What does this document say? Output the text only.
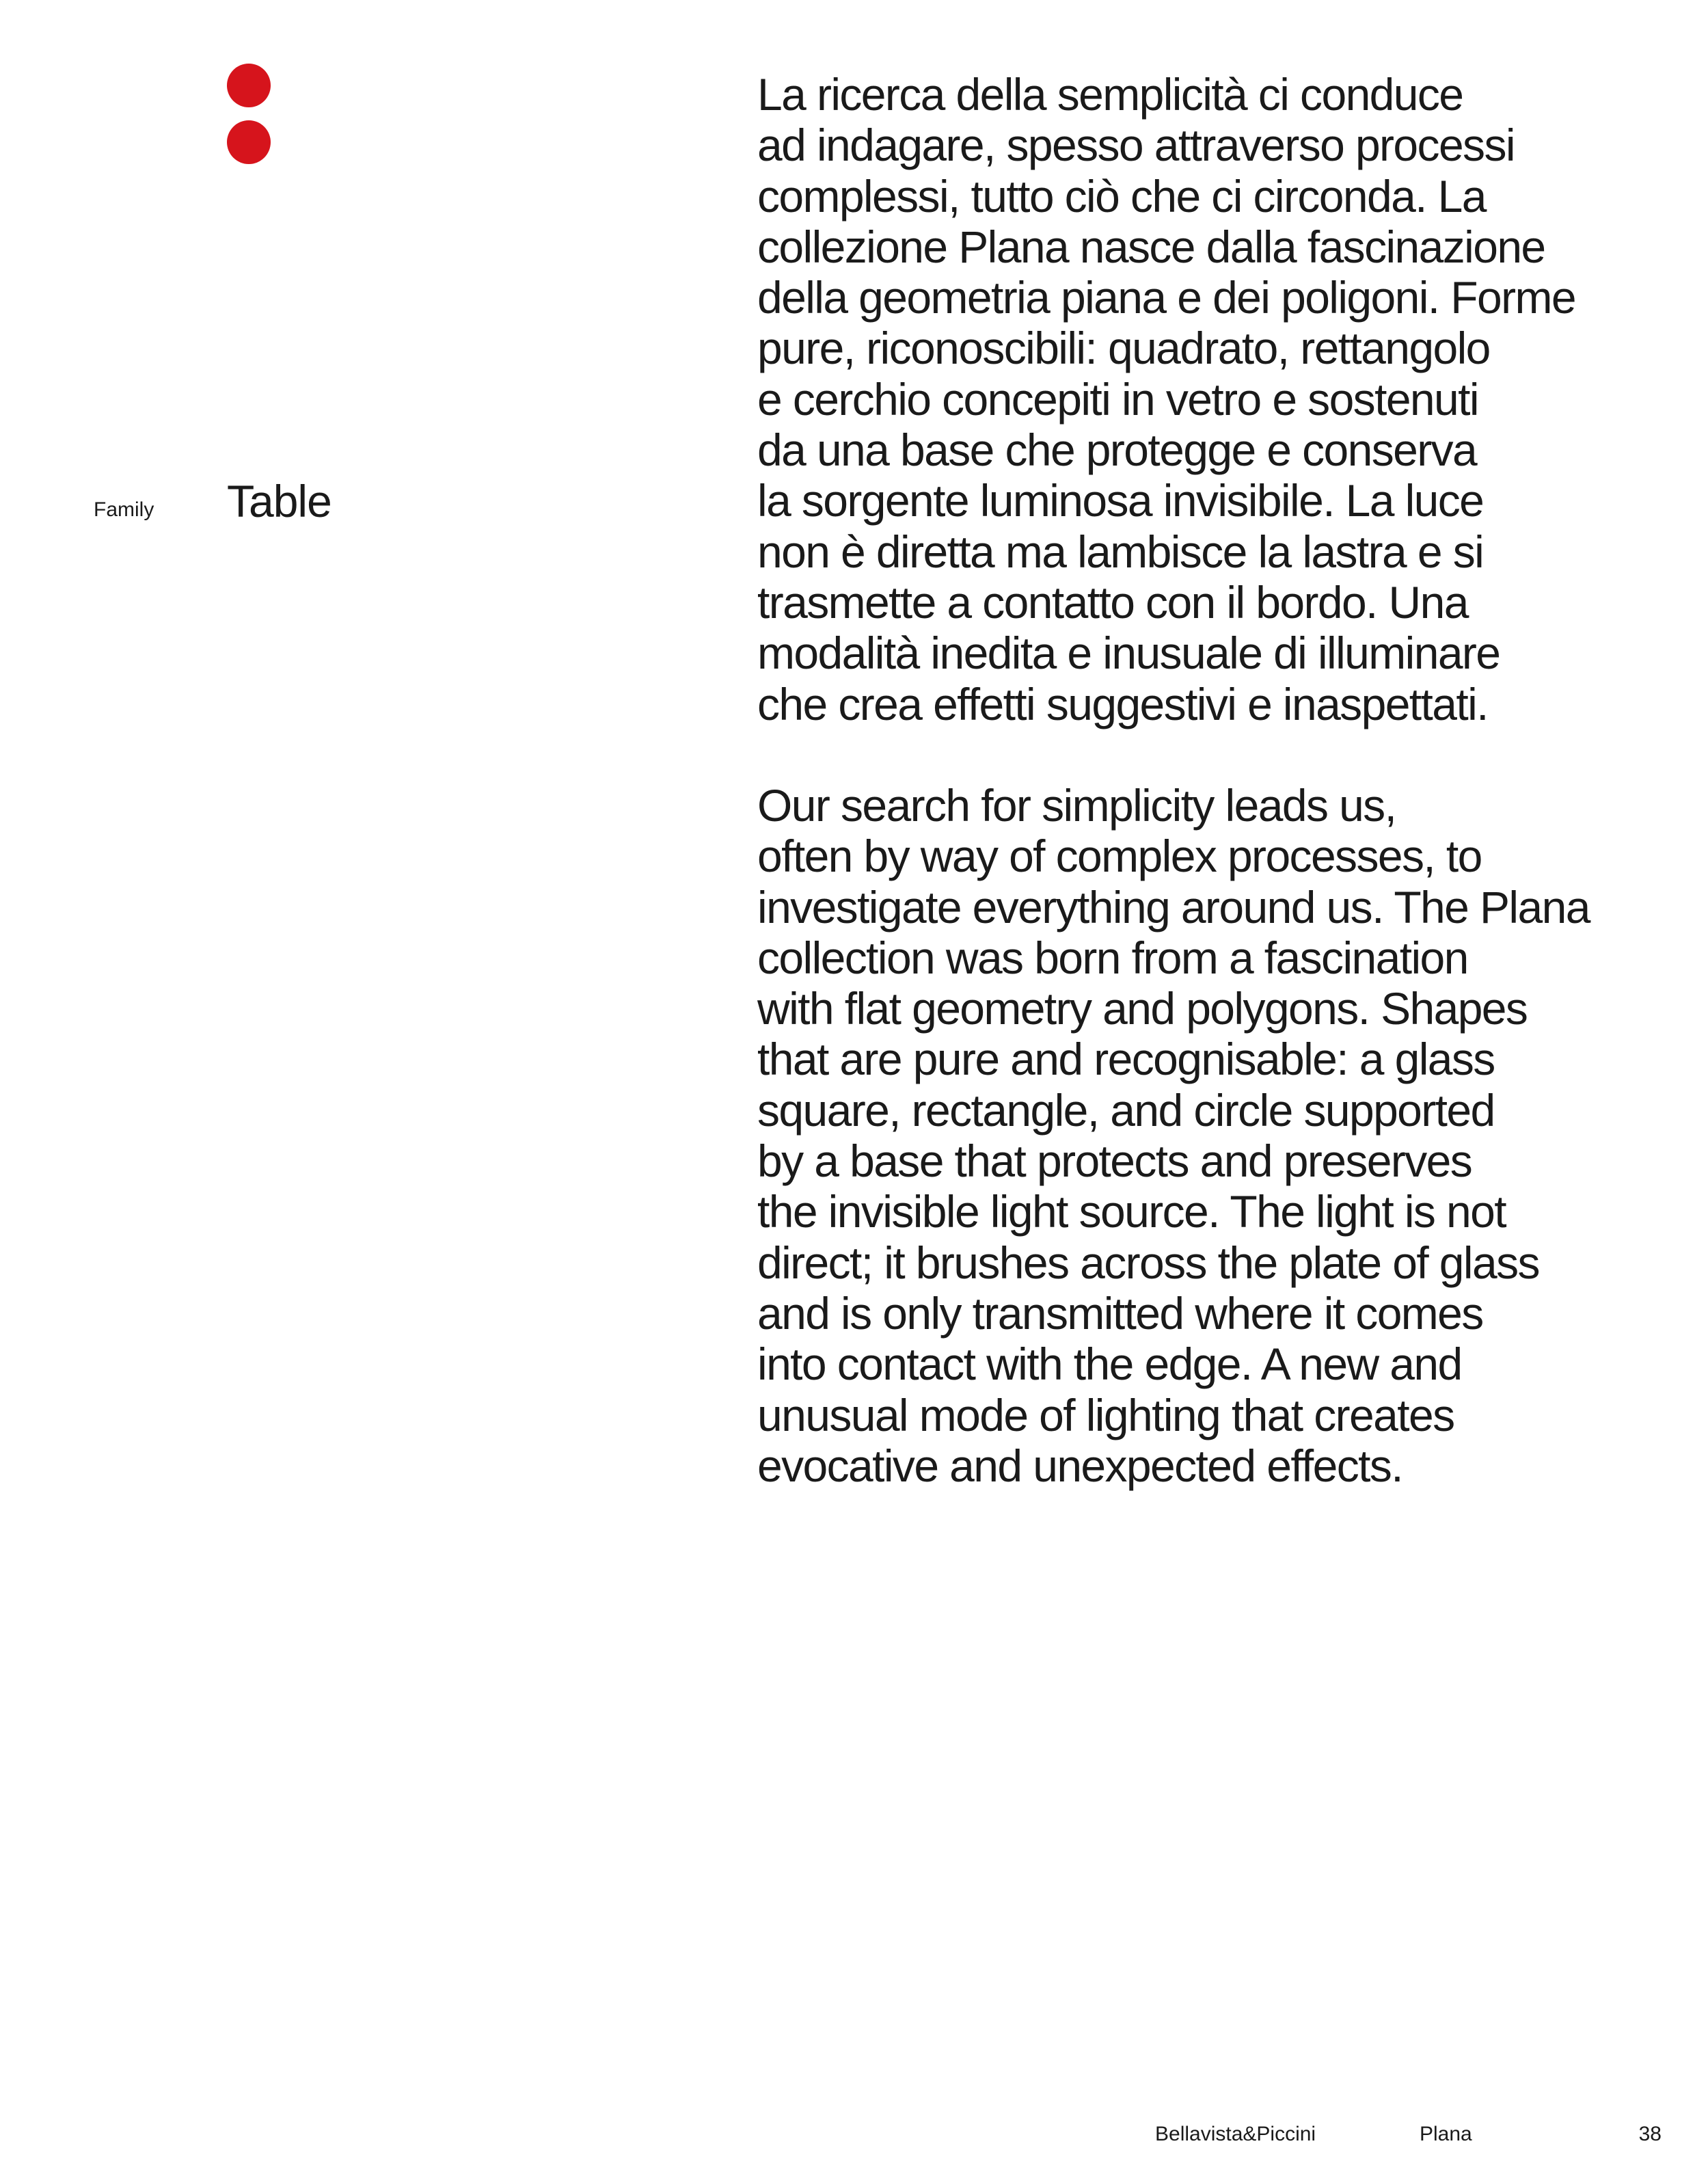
Family Table
La ricerca della semplicità ci conduce
ad indagare, spesso attraverso processi
complessi, tutto ciò che ci circonda. La
collezione Plana nasce dalla fascinazione
della geometria piana e dei poligoni. Forme
pure, riconoscibili: quadrato, rettangolo
e cerchio concepiti in vetro e sostenuti
da una base che protegge e conserva
la sorgente luminosa invisibile. La luce
non è diretta ma lambisce la lastra e si
trasmette a contatto con il bordo. Una
modalità inedita e inusuale di illuminare
che crea effetti suggestivi e inaspettati.
Our search for simplicity leads us,
often by way of complex processes, to
investigate everything around us. The Plana
collection was born from a fascination
with flat geometry and polygons. Shapes
that are pure and recognisable: a glass
square, rectangle, and circle supported
by a base that protects and preserves
the invisible light source. The light is not
direct; it brushes across the plate of glass
and is only transmitted where it comes
into contact with the edge. A new and
unusual mode of lighting that creates
evocative and unexpected effects.
Bellavista&Piccini	Plana	38
